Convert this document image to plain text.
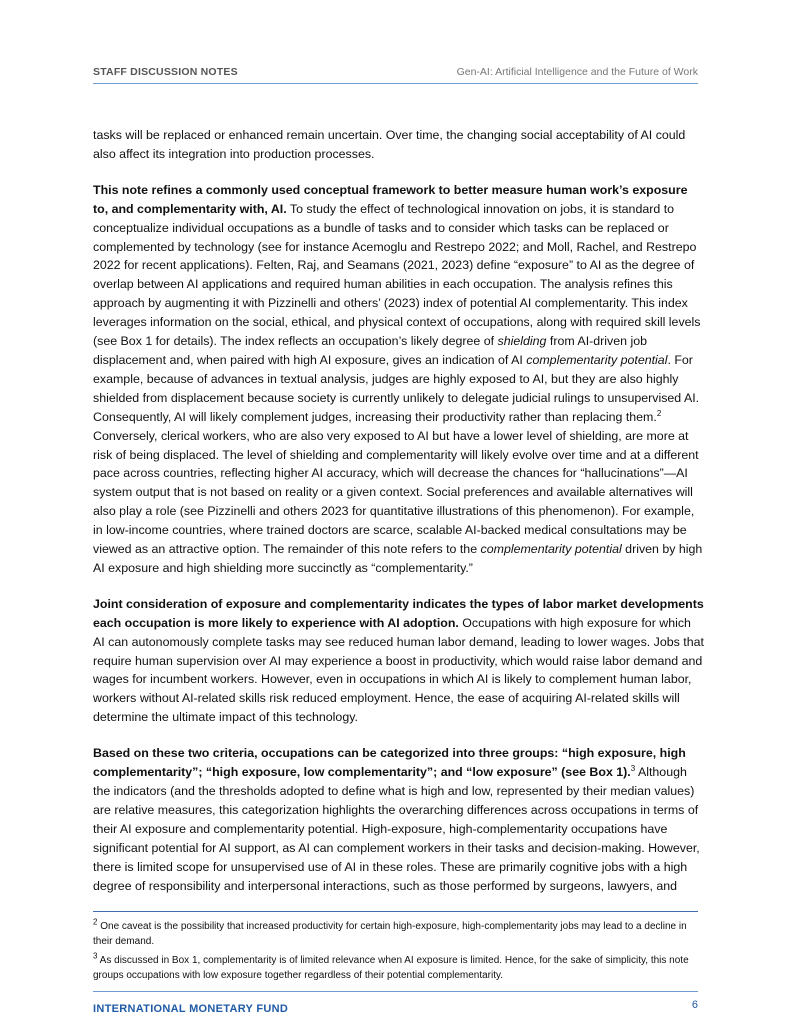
STAFF DISCUSSION NOTES	Gen-AI: Artificial Intelligence and the Future of Work

tasks will be replaced or enhanced remain uncertain. Over time, the changing social acceptability of AI could also affect its integration into production processes.

This note refines a commonly used conceptual framework to better measure human work’s exposure to, and complementarity with, AI. To study the effect of technological innovation on jobs, it is standard to conceptualize individual occupations as a bundle of tasks and to consider which tasks can be replaced or complemented by technology (see for instance Acemoglu and Restrepo 2022; and Moll, Rachel, and Restrepo 2022 for recent applications). Felten, Raj, and Seamans (2021, 2023) define “exposure” to AI as the degree of overlap between AI applications and required human abilities in each occupation. The analysis refines this approach by augmenting it with Pizzinelli and others’ (2023) index of potential AI complementarity. This index leverages information on the social, ethical, and physical context of occupations, along with required skill levels (see Box 1 for details). The index reflects an occupation’s likely degree of shielding from AI-driven job displacement and, when paired with high AI exposure, gives an indication of AI complementarity potential. For example, because of advances in textual analysis, judges are highly exposed to AI, but they are also highly shielded from displacement because society is currently unlikely to delegate judicial rulings to unsupervised AI. Consequently, AI will likely complement judges, increasing their productivity rather than replacing them.$^2$ Conversely, clerical workers, who are also very exposed to AI but have a lower level of shielding, are more at risk of being displaced. The level of shielding and complementarity will likely evolve over time and at a different pace across countries, reflecting higher AI accuracy, which will decrease the chances for “hallucinations”—AI system output that is not based on reality or a given context. Social preferences and available alternatives will also play a role (see Pizzinelli and others 2023 for quantitative illustrations of this phenomenon). For example, in low-income countries, where trained doctors are scarce, scalable AI-backed medical consultations may be viewed as an attractive option. The remainder of this note refers to the complementarity potential driven by high AI exposure and high shielding more succinctly as “complementarity.”

Joint consideration of exposure and complementarity indicates the types of labor market developments each occupation is more likely to experience with AI adoption. Occupations with high exposure for which AI can autonomously complete tasks may see reduced human labor demand, leading to lower wages. Jobs that require human supervision over AI may experience a boost in productivity, which would raise labor demand and wages for incumbent workers. However, even in occupations in which AI is likely to complement human labor, workers without AI-related skills risk reduced employment. Hence, the ease of acquiring AI-related skills will determine the ultimate impact of this technology.

Based on these two criteria, occupations can be categorized into three groups: “high exposure, high complementarity”; “high exposure, low complementarity”; and “low exposure” (see Box 1).$^3$ Although the indicators (and the thresholds adopted to define what is high and low, represented by their median values) are relative measures, this categorization highlights the overarching differences across occupations in terms of their AI exposure and complementarity potential. High-exposure, high-complementarity occupations have significant potential for AI support, as AI can complement workers in their tasks and decision-making. However, there is limited scope for unsupervised use of AI in these roles. These are primarily cognitive jobs with a high degree of responsibility and interpersonal interactions, such as those performed by surgeons, lawyers, and

$^2$ One caveat is the possibility that increased productivity for certain high-exposure, high-complementarity jobs may lead to a decline in their demand.

$^3$ As discussed in Box 1, complementarity is of limited relevance when AI exposure is limited. Hence, for the sake of simplicity, this note groups occupations with low exposure together regardless of their potential complementarity.

INTERNATIONAL MONETARY FUND	6
